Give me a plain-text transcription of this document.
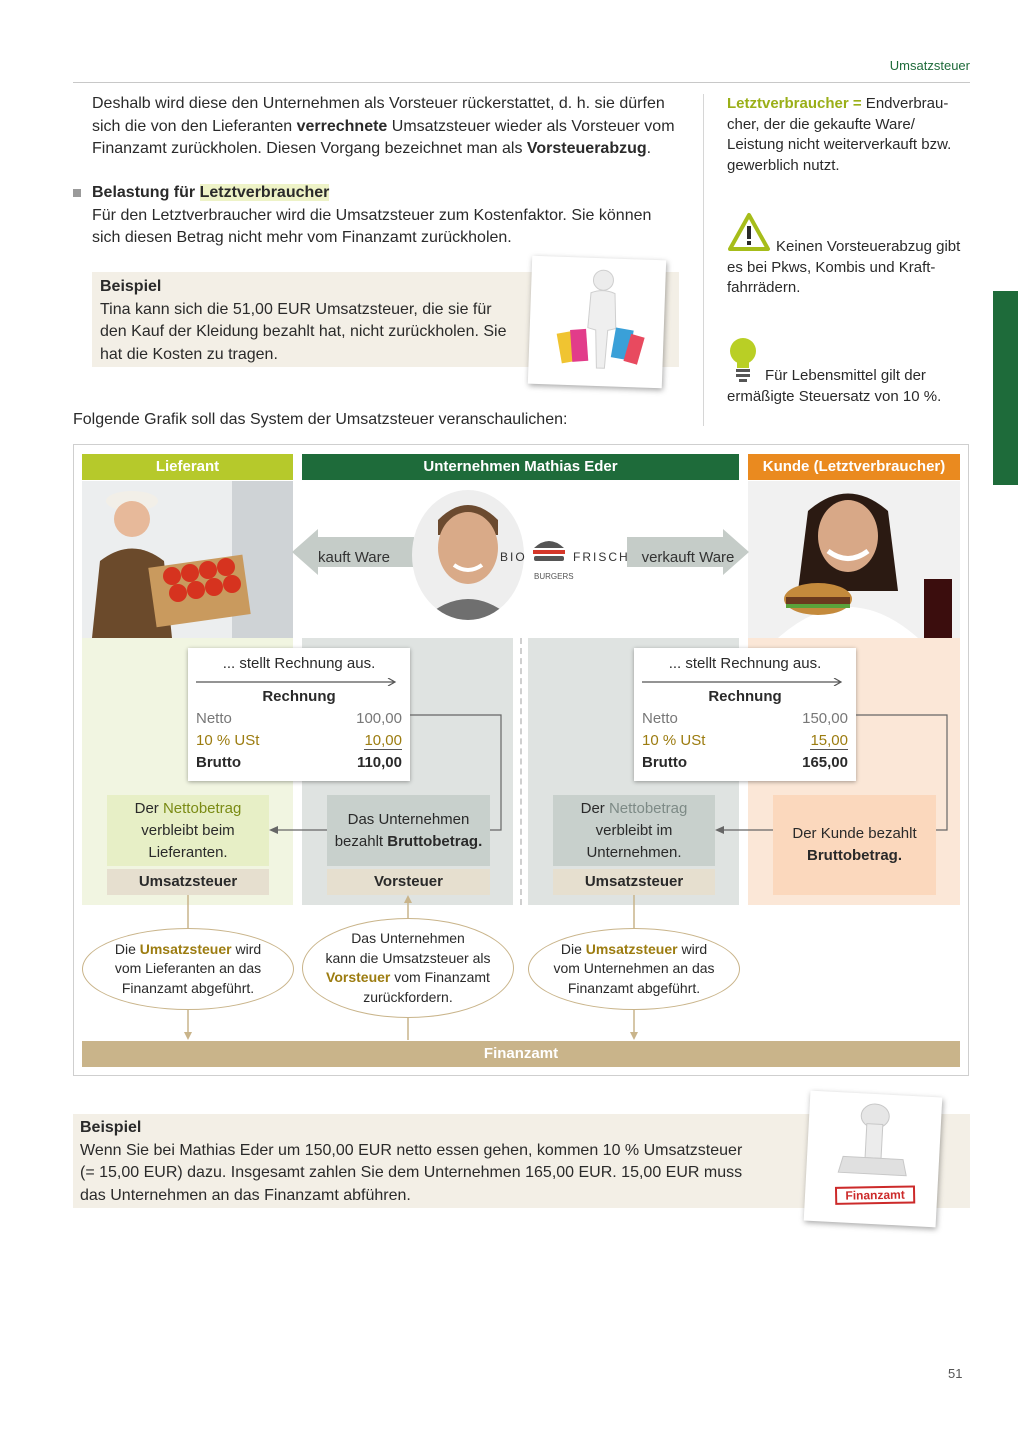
Umsatzsteuer
Deshalb wird diese den Unternehmen als Vorsteuer rückerstattet, d. h. sie dürfen
sich die von den Lieferanten verrechnete Umsatzsteuer wieder als Vorsteuer vom
Finanzamt zurückholen. Diesen Vorgang bezeichnet man als Vorsteuerabzug.
Belastung für Letztverbraucher
Für den Letztverbraucher wird die Umsatzsteuer zum Kostenfaktor. Sie können
sich diesen Betrag nicht mehr vom Finanzamt zurückholen.
Beispiel
Tina kann sich die 51,00 EUR Umsatzsteuer, die sie für
den Kauf der Kleidung bezahlt hat, nicht zurückholen. Sie
hat die Kosten zu tragen.
Letztverbraucher = Endverbrau-
cher, der die gekaufte Ware/
Leistung nicht weiterverkauft bzw.
gewerblich nutzt.
Keinen Vorsteuerabzug gibt
es bei Pkws, Kombis und Kraft-
fahrrädern.
Für Lebensmittel gilt der
ermäßigte Steuersatz von 10 %.
Folgende Grafik soll das System der Umsatzsteuer veranschaulichen:
Lieferant	Unternehmen Mathias Eder	Kunde (Letztverbraucher)
kauft Ware	verkauft Ware
BIO	FRISCH
BURGERS
... stellt Rechnung aus.
Rechnung
Netto	100,00
10 % USt	10,00
Brutto	110,00
... stellt Rechnung aus.
Rechnung
Netto	150,00
10 % USt	15,00
Brutto	165,00
Der Nettobetrag
verbleibt beim
Lieferanten.
Das Unternehmen
bezahlt Bruttobetrag.
Der Nettobetrag
verbleibt im
Unternehmen.
Der Kunde bezahlt
Bruttobetrag.
Umsatzsteuer	Vorsteuer	Umsatzsteuer
Die Umsatzsteuer wird
vom Lieferanten an das
Finanzamt abgeführt.
Das Unternehmen
kann die Umsatzsteuer als
Vorsteuer vom Finanzamt
zurückfordern.
Die Umsatzsteuer wird
vom Unternehmen an das
Finanzamt abgeführt.
Finanzamt
Beispiel
Wenn Sie bei Mathias Eder um 150,00 EUR netto essen gehen, kommen 10 % Umsatzsteuer
(= 15,00 EUR) dazu. Insgesamt zahlen Sie dem Unternehmen 165,00 EUR. 15,00 EUR muss
das Unternehmen an das Finanzamt abführen.	Finanzamt
51
